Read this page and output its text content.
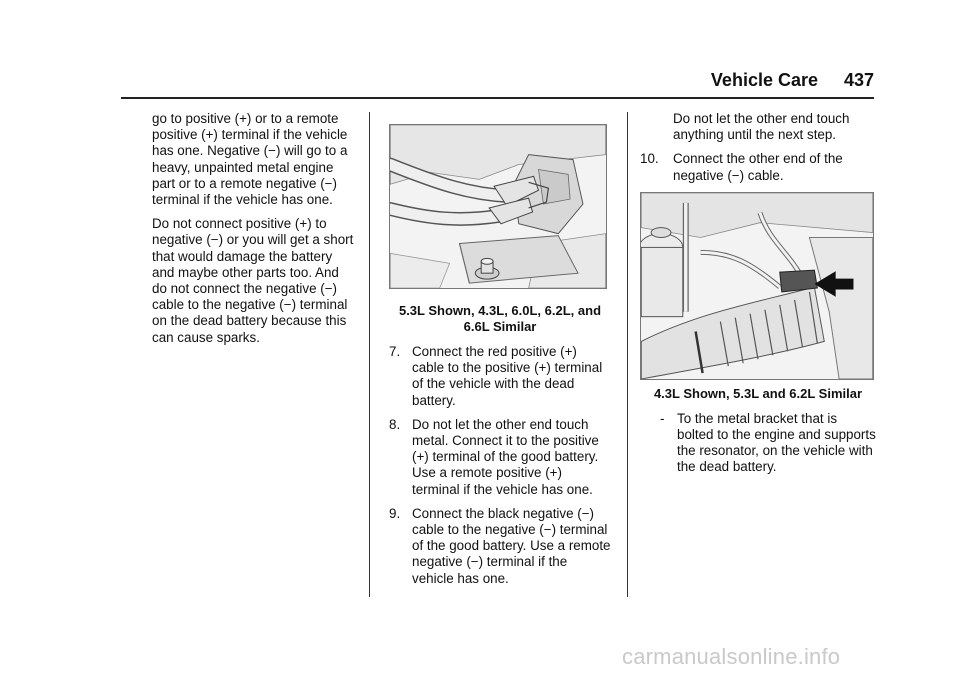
Vehicle Care	437

go to positive (+) or to a remote positive (+) terminal if the vehicle has one. Negative (−) will go to a heavy, unpainted metal engine part or to a remote negative (−) terminal if the vehicle has one.

Do not connect positive (+) to negative (−) or you will get a short that would damage the battery and maybe other parts too. And do not connect the negative (−) cable to the negative (−) terminal on the dead battery because this can cause sparks.

5.3L Shown, 4.3L, 6.0L, 6.2L, and 6.6L Similar
7. Connect the red positive (+) cable to the positive (+) terminal of the vehicle with the dead battery.
8. Do not let the other end touch metal. Connect it to the positive (+) terminal of the good battery. Use a remote positive (+) terminal if the vehicle has one.
9. Connect the black negative (−) cable to the negative (−) terminal of the good battery. Use a remote negative (−) terminal if the vehicle has one.
Do not let the other end touch anything until the next step.
10.	Connect the other end of the negative (−) cable.
4.3L Shown, 5.3L and 6.2L Similar
- To the metal bracket that is bolted to the engine and supports the resonator, on the vehicle with the dead battery.
carmanualsonline.info
